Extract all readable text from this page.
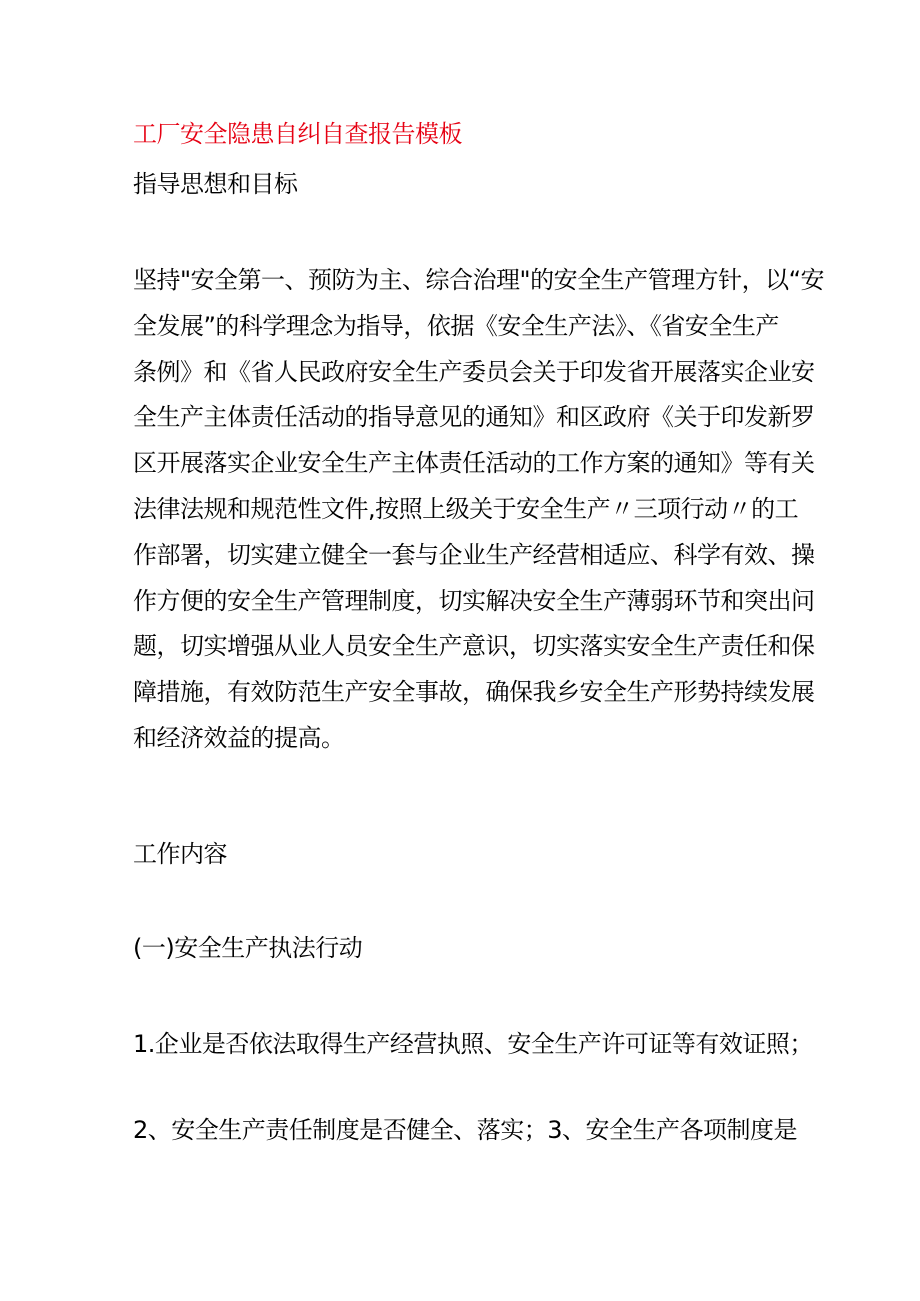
工厂安全隐患自纠自查报告模板
指导思想和目标
坚持"安全第一、预防为主、综合治理"的安全生产管理方针，以“安
全发展”的科学理念为指导，依据《安全生产法》、《省安全生产
条例》和《省人民政府安全生产委员会关于印发省开展落实企业安
全生产主体责任活动的指导意见的通知》和区政府《关于印发新罗
区开展落实企业安全生产主体责任活动的工作方案的通知》等有关
法律法规和规范性文件,按照上级关于安全生产〃三项行动〃的工
作部署，切实建立健全一套与企业生产经营相适应、科学有效、操
作方便的安全生产管理制度，切实解决安全生产薄弱环节和突出问
题，切实增强从业人员安全生产意识，切实落实安全生产责任和保
障措施，有效防范生产安全事故，确保我乡安全生产形势持续发展
和经济效益的提高。
工作内容
(一)安全生产执法行动
1.企业是否依法取得生产经营执照、安全生产许可证等有效证照；
2、安全生产责任制度是否健全、落实；3、安全生产各项制度是
